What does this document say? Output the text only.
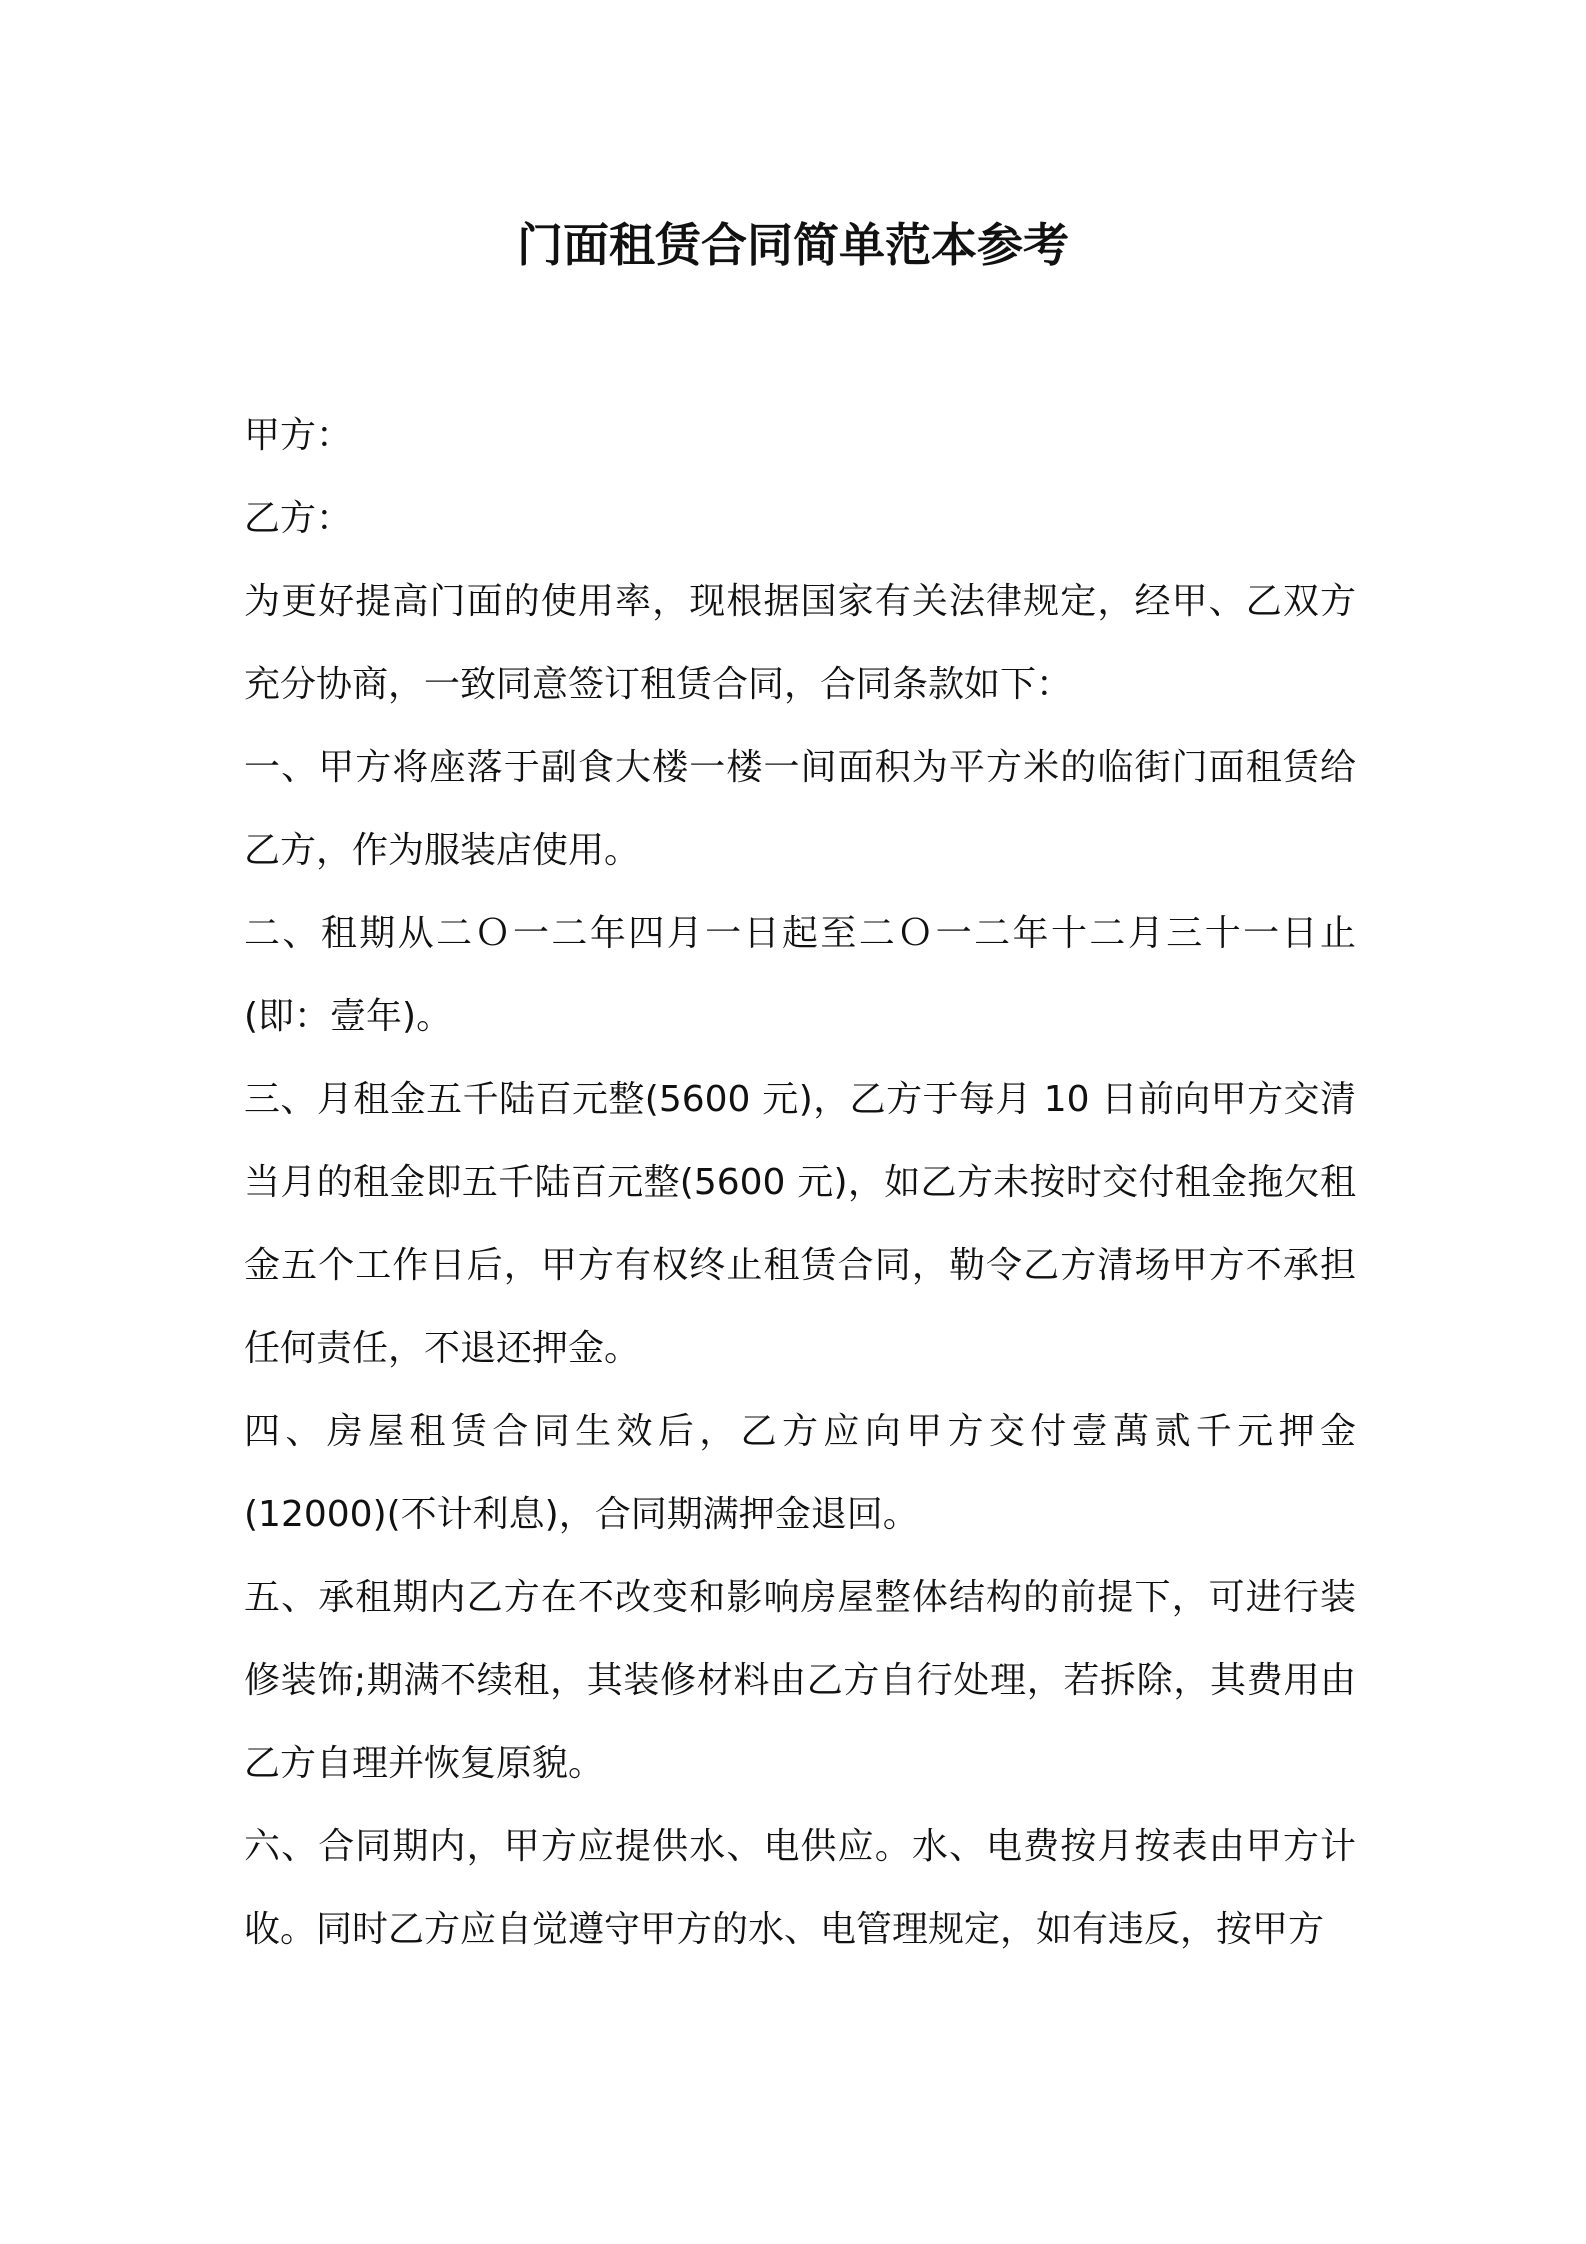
门面租赁合同简单范本参考

甲方：

乙方：

为更好提高门面的使用率，现根据国家有关法律规定，经甲、乙双方充分协商，一致同意签订租赁合同，合同条款如下：

一、甲方将座落于副食大楼一楼一间面积为平方米的临街门面租赁给乙方，作为服装店使用。

二、租期从二Ｏ一二年四月一日起至二Ｏ一二年十二月三十一日止(即：壹年)。

三、月租金五千陆百元整(5600 元)，乙方于每月 10 日前向甲方交清当月的租金即五千陆百元整(5600 元)，如乙方未按时交付租金拖欠租金五个工作日后，甲方有权终止租赁合同，勒令乙方清场甲方不承担任何责任，不退还押金。

四、房屋租赁合同生效后，乙方应向甲方交付壹萬贰千元押金(12000)(不计利息)，合同期满押金退回。

五、承租期内乙方在不改变和影响房屋整体结构的前提下，可进行装修装饰;期满不续租，其装修材料由乙方自行处理，若拆除，其费用由乙方自理并恢复原貌。

六、合同期内，甲方应提供水、电供应。水、电费按月按表由甲方计收。同时乙方应自觉遵守甲方的水、电管理规定，如有违反，按甲方
